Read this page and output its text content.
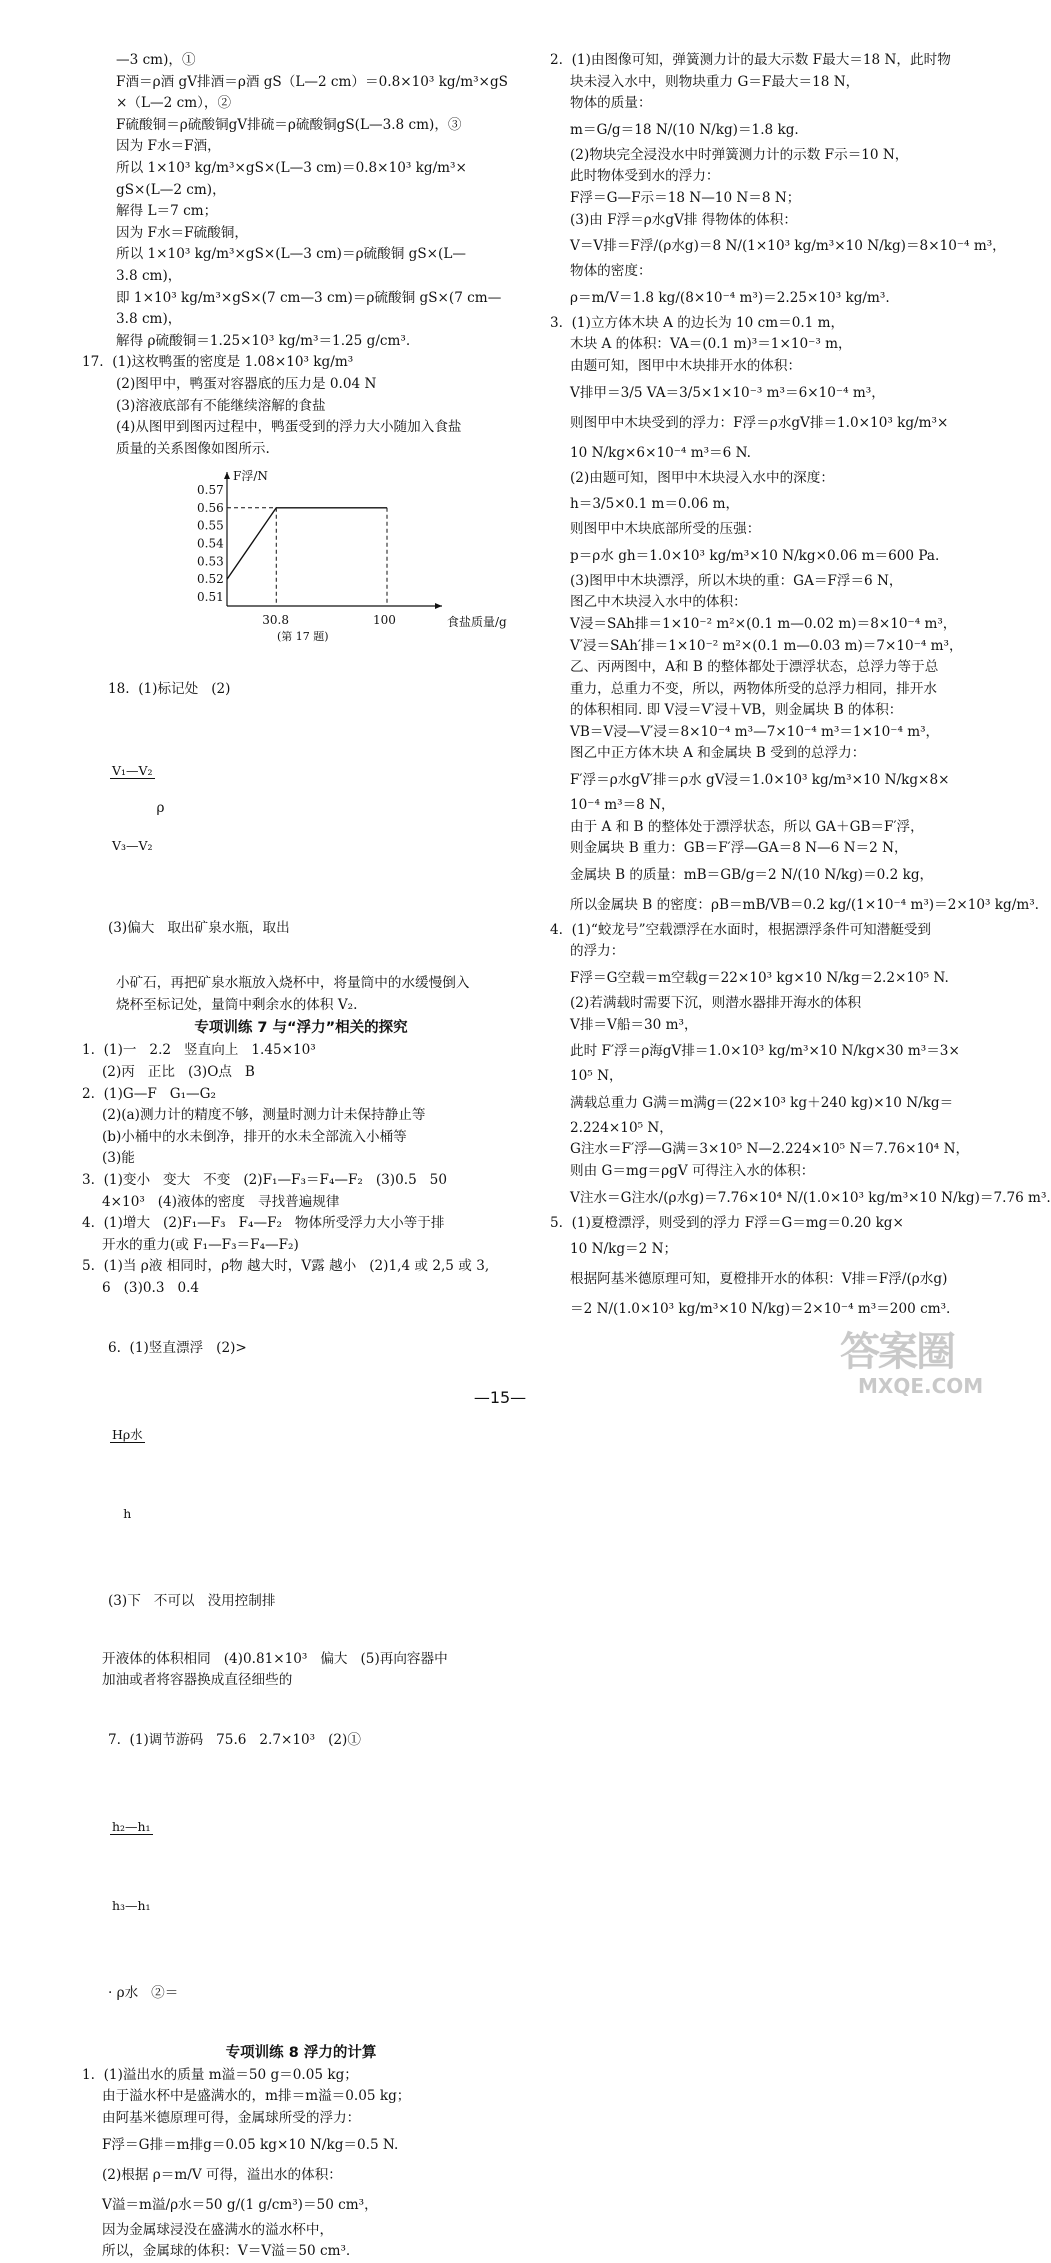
—3 cm)，①
F酒＝ρ酒 gV排酒＝ρ酒 gS（L—2 cm）＝0.8×10³ kg/m³×gS
×（L—2 cm），②
F硫酸铜＝ρ硫酸铜gV排硫＝ρ硫酸铜gS(L—3.8 cm)，③
因为 F水＝F酒，
所以 1×10³ kg/m³×gS×(L—3 cm)＝0.8×10³ kg/m³×
gS×(L—2 cm)，
解得 L＝7 cm；
因为 F水＝F硫酸铜，
所以 1×10³ kg/m³×gS×(L—3 cm)＝ρ硫酸铜 gS×(L—
3.8 cm)，
即 1×10³ kg/m³×gS×(7 cm—3 cm)＝ρ硫酸铜 gS×(7 cm—
3.8 cm)，
解得 ρ硫酸铜＝1.25×10³ kg/m³＝1.25 g/cm³.
17.  (1)这枚鸭蛋的密度是 1.08×10³ kg/m³
(2)图甲中，鸭蛋对容器底的压力是 0.04 N
(3)溶液底部有不能继续溶解的食盐
(4)从图甲到图丙过程中，鸭蛋受到的浮力大小随加入食盐
质量的关系图像如图所示.
F浮/N
食盐质量/g
0.51
0.52
0.53
0.54
0.55
0.56
0.57
30.8	100
(第 17 题)

18.  (1)标记处   (2)

$\frac{\text{V₁—V₂}}{\text{V₃—V₂}}$ ρ
(3)偏大   取出矿泉水瓶，取出

小矿石，再把矿泉水瓶放入烧杯中，将量筒中的水缓慢倒入
烧杯至标记处，量筒中剩余水的体积 V₂.
专项训练 7 与“浮力”相关的探究
1.  (1)一   2.2   竖直向上   1.45×10³
(2)丙   正比   (3)O点   B
2.  (1)G—F   G₁—G₂
(2)(a)测力计的精度不够，测量时测力计未保持静止等
(b)小桶中的水未倒净，排开的水未全部流入小桶等
(3)能
3.  (1)变小   变大   不变   (2)F₁—F₃＝F₄—F₂   (3)0.5   50
4×10³   (4)液体的密度   寻找普遍规律
4.  (1)增大   (2)F₁—F₃   F₄—F₂   物体所受浮力大小等于排
开水的重力(或 F₁—F₃＝F₄—F₂)
5.  (1)当 ρ液 相同时，ρ物 越大时，V露 越小   (2)1,4 或 2,5 或 3,
6   (3)0.3   0.4

6.  (1)竖直漂浮   (2)>

$\frac{\text{Hρ水}}{h}$

(3)下   不可以   没用控制排

开液体的体积相同   (4)0.81×10³   偏大   (5)再向容器中
加油或者将容器换成直径细些的

7.  (1)调节游码   75.6   2.7×10³   (2)①

$\frac{\text{h₂—h₁}}{\text{h₃—h₁}}$

· ρ水   ②＝

专项训练 8 浮力的计算
1.  (1)溢出水的质量 m溢＝50 g＝0.05 kg；
由于溢水杯中是盛满水的，m排＝m溢＝0.05 kg；
由阿基米德原理可得，金属球所受的浮力：
F浮＝G排＝m排g＝0.05 kg×10 N/kg＝0.5 N.
(2)根据 ρ＝m/V 可得，溢出水的体积：
V溢＝m溢/ρ水＝50 g/(1 g/cm³)＝50 cm³，
因为金属球浸没在盛满水的溢水杯中，
所以，金属球的体积：V＝V溢＝50 cm³.
2.  (1)由图像可知，弹簧测力计的最大示数 F最大＝18 N，此时物
块未浸入水中，则物块重力 G＝F最大＝18 N，
物体的质量：
m＝G/g＝18 N/(10 N/kg)＝1.8 kg.
(2)物块完全浸没水中时弹簧测力计的示数 F示＝10 N，
此时物体受到水的浮力：
F浮＝G—F示＝18 N—10 N＝8 N；
(3)由 F浮＝ρ水gV排 得物体的体积：
V＝V排＝F浮/(ρ水g)＝8 N/(1×10³ kg/m³×10 N/kg)＝8×10⁻⁴ m³，
物体的密度：
ρ＝m/V＝1.8 kg/(8×10⁻⁴ m³)＝2.25×10³ kg/m³.
3.  (1)立方体木块 A 的边长为 10 cm＝0.1 m，
木块 A 的体积：VA＝(0.1 m)³＝1×10⁻³ m，
由题可知，图甲中木块排开水的体积：
V排甲＝3/5 VA＝3/5×1×10⁻³ m³＝6×10⁻⁴ m³，
则图甲中木块受到的浮力：F浮＝ρ水gV排＝1.0×10³ kg/m³×
10 N/kg×6×10⁻⁴ m³＝6 N.
(2)由题可知，图甲中木块浸入水中的深度：
h＝3/5×0.1 m＝0.06 m，
则图甲中木块底部所受的压强：
p＝ρ水 gh＝1.0×10³ kg/m³×10 N/kg×0.06 m＝600 Pa.
(3)图甲中木块漂浮，所以木块的重：GA＝F浮＝6 N，
图乙中木块浸入水中的体积：
V浸＝SAh排＝1×10⁻² m²×(0.1 m—0.02 m)＝8×10⁻⁴ m³，
V′浸＝SAh′排＝1×10⁻² m²×(0.1 m—0.03 m)＝7×10⁻⁴ m³，
乙、丙两图中，A和 B 的整体都处于漂浮状态，总浮力等于总
重力，总重力不变，所以，两物体所受的总浮力相同，排开水
的体积相同. 即 V浸＝V′浸＋VB，则金属块 B 的体积：
VB＝V浸—V′浸＝8×10⁻⁴ m³—7×10⁻⁴ m³＝1×10⁻⁴ m³，
图乙中正方体木块 A 和金属块 B 受到的总浮力：
F′浮＝ρ水gV′排＝ρ水 gV浸＝1.0×10³ kg/m³×10 N/kg×8×
10⁻⁴ m³＝8 N，
由于 A 和 B 的整体处于漂浮状态，所以 GA＋GB＝F′浮，
则金属块 B 重力：GB＝F′浮—GA＝8 N—6 N＝2 N，
金属块 B 的质量：mB＝GB/g＝2 N/(10 N/kg)＝0.2 kg，
所以金属块 B 的密度：ρB＝mB/VB＝0.2 kg/(1×10⁻⁴ m³)＝2×10³ kg/m³.
4.  (1)“蛟龙号”空载漂浮在水面时，根据漂浮条件可知潜艇受到
的浮力：
F浮＝G空载＝m空载g＝22×10³ kg×10 N/kg＝2.2×10⁵ N.
(2)若满载时需要下沉，则潜水器排开海水的体积
V排＝V船＝30 m³，
此时 F′浮＝ρ海gV排＝1.0×10³ kg/m³×10 N/kg×30 m³＝3×
10⁵ N，
满载总重力 G满＝m满g＝(22×10³ kg＋240 kg)×10 N/kg＝
2.224×10⁵ N，
G注水＝F′浮—G满＝3×10⁵ N—2.224×10⁵ N＝7.76×10⁴ N，
则由 G＝mg＝ρgV 可得注入水的体积：
V注水＝G注水/(ρ水g)＝7.76×10⁴ N/(1.0×10³ kg/m³×10 N/kg)＝7.76 m³.
5.  (1)夏橙漂浮，则受到的浮力 F浮＝G＝mg＝0.20 kg×
10 N/kg＝2 N；
根据阿基米德原理可知，夏橙排开水的体积：V排＝F浮/(ρ水g)
＝2 N/(1.0×10³ kg/m³×10 N/kg)＝2×10⁻⁴ m³＝200 cm³.
—15—
答案圈
MXQE.COM
